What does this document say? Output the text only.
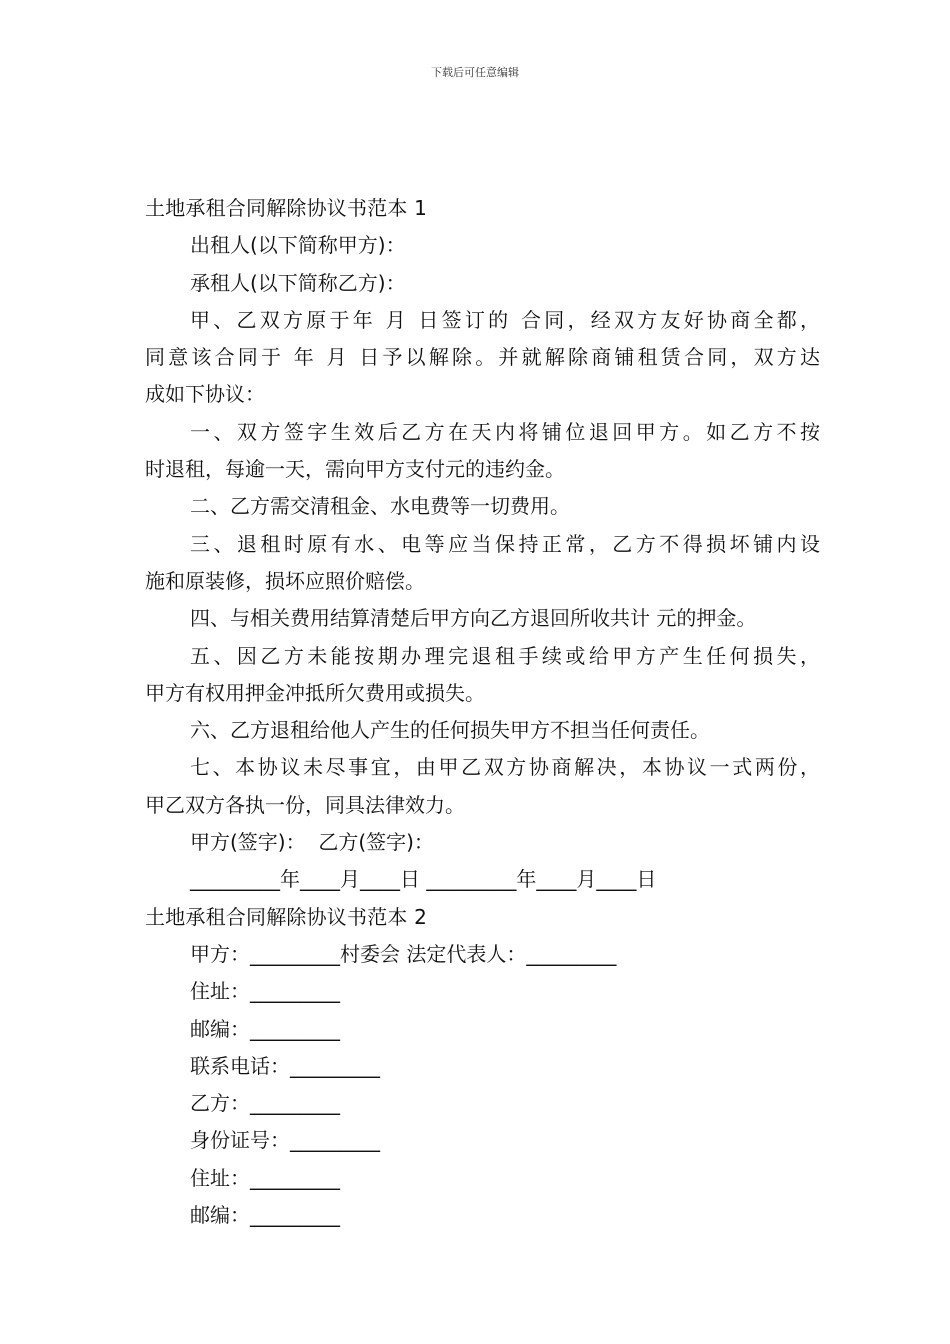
下载后可任意编辑
土地承租合同解除协议书范本 1
出租人(以下简称甲方)：
承租人(以下简称乙方)：
甲、乙双方原于年 月 日签订的 合同，经双方友好协商全都，
同意该合同于 年 月 日予以解除。并就解除商铺租赁合同，双方达
成如下协议：
一、双方签字生效后乙方在天内将铺位退回甲方。如乙方不按
时退租，每逾一天，需向甲方支付元的违约金。
二、乙方需交清租金、水电费等一切费用。
三、退租时原有水、电等应当保持正常，乙方不得损坏铺内设
施和原装修，损坏应照价赔偿。
四、与相关费用结算清楚后甲方向乙方退回所收共计 元的押金。
五、因乙方未能按期办理完退租手续或给甲方产生任何损失，
甲方有权用押金冲抵所欠费用或损失。
六、乙方退租给他人产生的任何损失甲方不担当任何责任。
七、本协议未尽事宜，由甲乙双方协商解决，本协议一式两份，
甲乙双方各执一份，同具法律效力。
甲方(签字)：  乙方(签字)：
_________年____月____日 _________年____月____日
土地承租合同解除协议书范本 2
甲方：_________村委会 法定代表人：_________
住址：_________
邮编：_________
联系电话：_________
乙方：_________
身份证号：_________
住址：_________
邮编：_________
